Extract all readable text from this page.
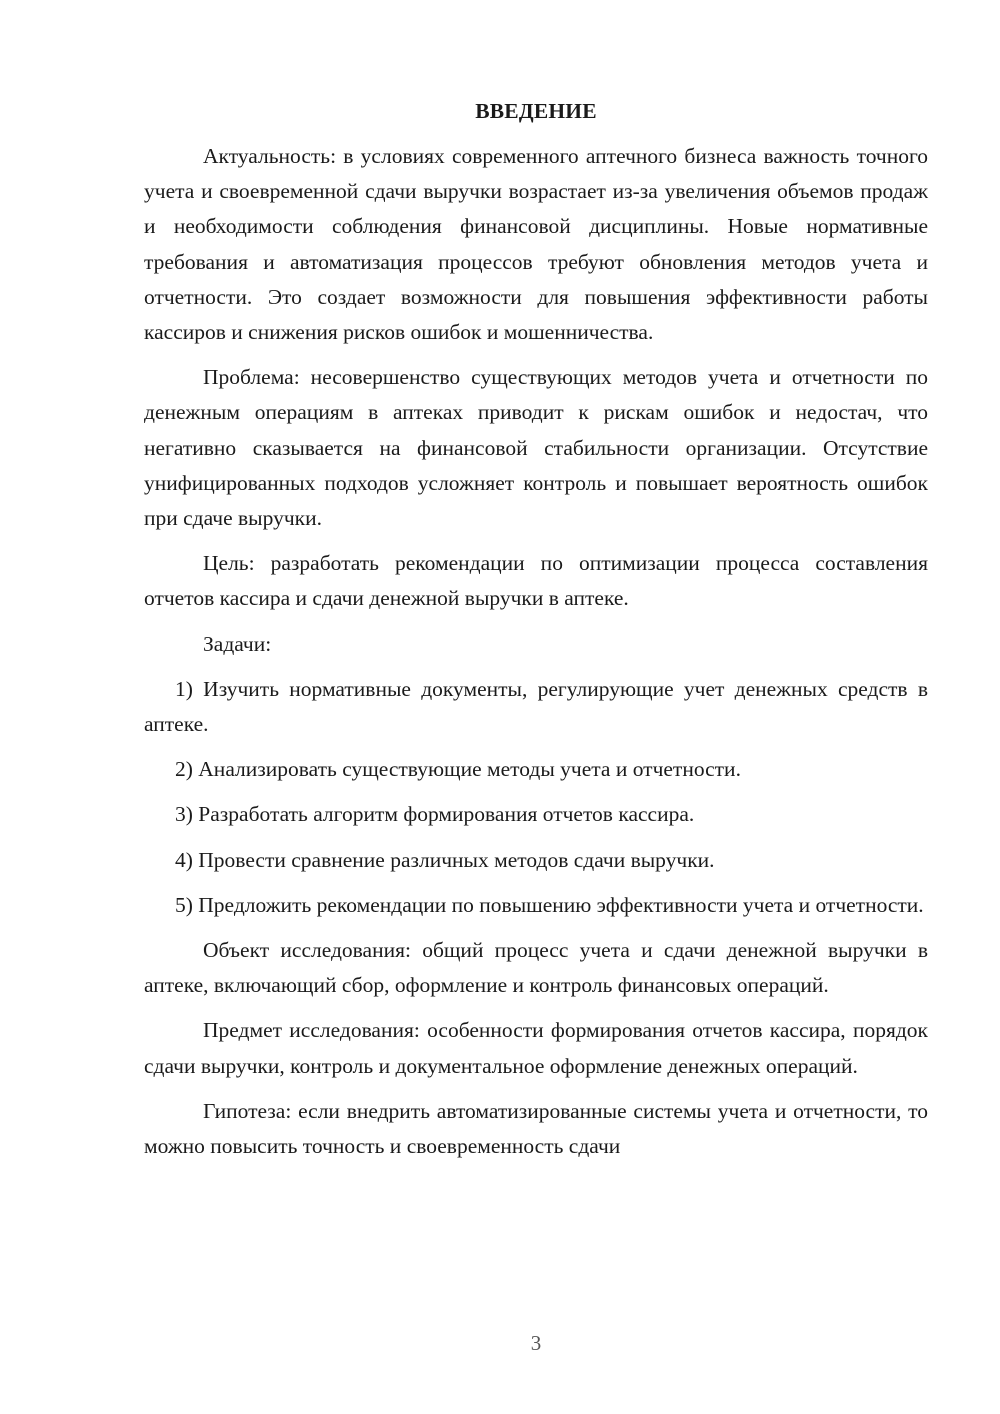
ВВЕДЕНИЕ

Актуальность: в условиях современного аптечного бизнеса важность точного учета и своевременной сдачи выручки возрастает из-за увеличения объемов продаж и необходимости соблюдения финансовой дисциплины. Новые нормативные требования и автоматизация процессов требуют обновления методов учета и отчетности. Это создает возможности для повышения эффективности работы кассиров и снижения рисков ошибок и мошенничества.

Проблема: несовершенство существующих методов учета и отчетности по денежным операциям в аптеках приводит к рискам ошибок и недостач, что негативно сказывается на финансовой стабильности организации. Отсутствие унифицированных подходов усложняет контроль и повышает вероятность ошибок при сдаче выручки.

Цель: разработать рекомендации по оптимизации процесса составления отчетов кассира и сдачи денежной выручки в аптеке.

Задачи:

1) Изучить нормативные документы, регулирующие учет денежных средств в аптеке.

2) Анализировать существующие методы учета и отчетности.

3) Разработать алгоритм формирования отчетов кассира.

4) Провести сравнение различных методов сдачи выручки.

5) Предложить рекомендации по повышению эффективности учета и отчетности.

Объект исследования: общий процесс учета и сдачи денежной выручки в аптеке, включающий сбор, оформление и контроль финансовых операций.

Предмет исследования: особенности формирования отчетов кассира, порядок сдачи выручки, контроль и документальное оформление денежных операций.

Гипотеза: если внедрить автоматизированные системы учета и отчетности, то можно повысить точность и своевременность сдачи

3
